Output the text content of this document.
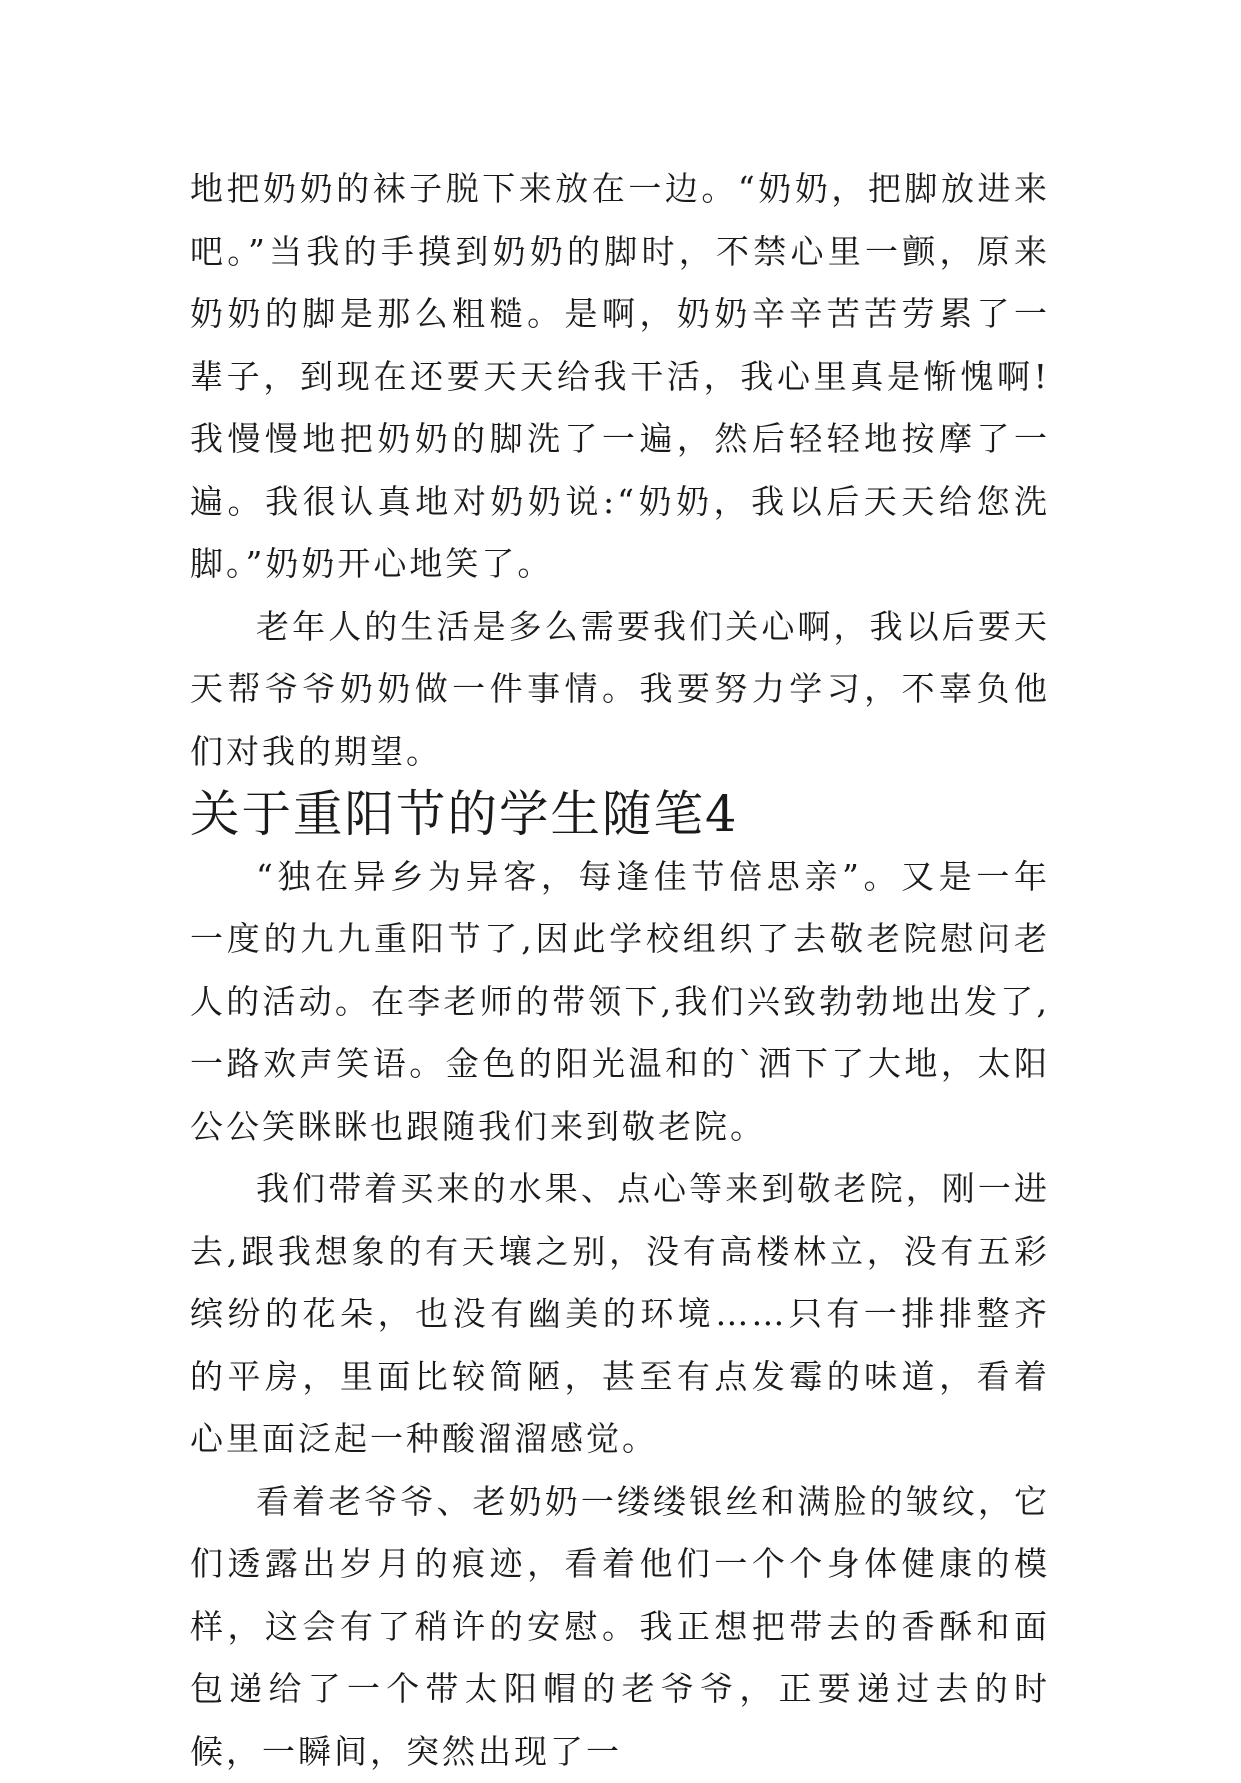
地把奶奶的袜子脱下来放在一边。“奶奶，把脚放进来吧。”当我的手摸到奶奶的脚时，不禁心里一颤，原来奶奶的脚是那么粗糙。是啊，奶奶辛辛苦苦劳累了一辈子，到现在还要天天给我干活，我心里真是惭愧啊!我慢慢地把奶奶的脚洗了一遍，然后轻轻地按摩了一遍。我很认真地对奶奶说:“奶奶，我以后天天给您洗脚。”奶奶开心地笑了。

老年人的生活是多么需要我们关心啊，我以后要天天帮爷爷奶奶做一件事情。我要努力学习，不辜负他们对我的期望。

关于重阳节的学生随笔4

“独在异乡为异客，每逢佳节倍思亲”。又是一年一度的九九重阳节了,因此学校组织了去敬老院慰问老人的活动。在李老师的带领下,我们兴致勃勃地出发了,一路欢声笑语。金色的阳光温和的`洒下了大地，太阳公公笑眯眯也跟随我们来到敬老院。

我们带着买来的水果、点心等来到敬老院，刚一进去,跟我想象的有天壤之别，没有高楼林立，没有五彩缤纷的花朵，也没有幽美的环境……只有一排排整齐的平房，里面比较简陋，甚至有点发霉的味道，看着心里面泛起一种酸溜溜感觉。

看着老爷爷、老奶奶一缕缕银丝和满脸的皱纹，它们透露出岁月的痕迹，看着他们一个个身体健康的模样，这会有了稍许的安慰。我正想把带去的香酥和面包递给了一个带太阳帽的老爷爷，正要递过去的时候，一瞬间，突然出现了一
